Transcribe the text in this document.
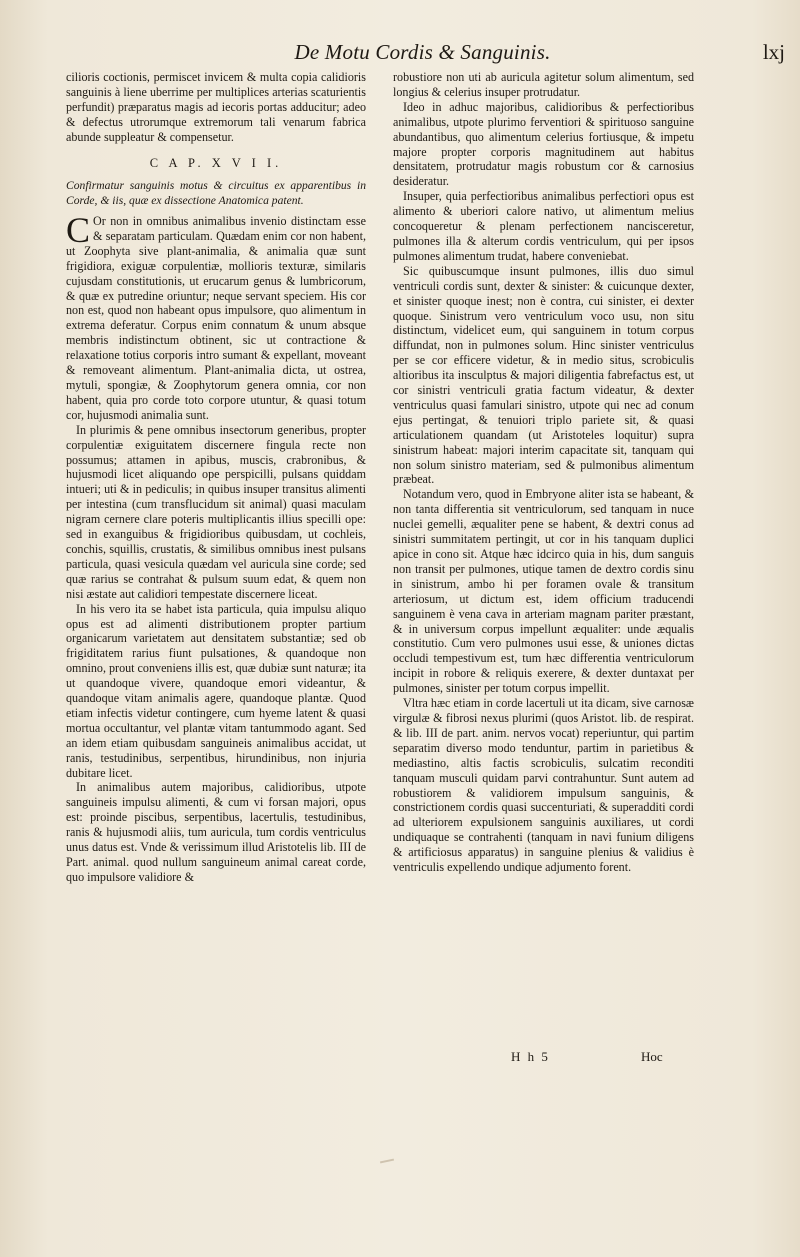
De Motu Cordis & Sanguinis.	lxj

cilioris coctionis, permiscet invicem & multa copia calidioris sanguinis à liene uberrime per multiplices arterias scaturientis perfundit) præparatus magis ad iecoris portas adducitur; adeo & defectus utrorumque extremorum tali venarum fabrica abunde suppleatur & compensetur.

C A P. X V I I.
Confirmatur sanguinis motus & circuitus ex apparentibus in Corde, & iis, quæ ex dissectione Anatomica patent.

C Or non in omnibus animalibus invenio distinctam esse & separatam particulam. Quædam enim cor non habent, ut Zoophyta sive plant-animalia, & animalia quæ sunt frigidiora, exiguæ corpulentiæ, mollioris texturæ, similaris cujusdam constitutionis, ut erucarum genus & lumbricorum, & quæ ex putredine oriuntur; neque servant speciem. His cor non est, quod non habeant opus impulsore, quo alimentum in extrema deferatur. Corpus enim connatum & unum absque membris indistinctum obtinent, sic ut contractione & relaxatione totius corporis intro sumant & expellant, moveant & removeant alimentum. Plant-animalia dicta, ut ostrea, mytuli, spongiæ, & Zoophytorum genera omnia, cor non habent, quia pro corde toto corpore utuntur, & quasi totum cor, hujusmodi animalia sunt.

In plurimis & pene omnibus insectorum generibus, propter corpulentiæ exiguitatem discernere fingula recte non possumus; attamen in apibus, muscis, crabronibus, & hujusmodi licet aliquando ope perspicilli, pulsans quiddam intueri; uti & in pediculis; in quibus insuper transitus alimenti per intestina (cum transflucidum sit animal) quasi maculam nigram cernere clare poteris multiplicantis illius specilli ope: sed in exanguibus & frigidioribus quibusdam, ut cochleis, conchis, squillis, crustatis, & similibus omnibus inest pulsans particula, quasi vesicula quædam vel auricula sine corde; sed quæ rarius se contrahat & pulsum suum edat, & quem non nisi æstate aut calidiori tempestate discernere liceat.

In his vero ita se habet ista particula, quia impulsu aliquo opus est ad alimenti distributionem propter partium organicarum varietatem aut densitatem substantiæ; sed ob frigiditatem rarius fiunt pulsationes, & quandoque non omnino, prout conveniens illis est, quæ dubiæ sunt naturæ; ita ut quandoque vivere, quandoque emori videantur, & quandoque vitam animalis agere, quandoque plantæ. Quod etiam infectis videtur contingere, cum hyeme latent & quasi mortua occultantur, vel plantæ vitam tantummodo agant. Sed an idem etiam quibusdam sanguineis animalibus accidat, ut ranis, testudinibus, serpentibus, hirundinibus, non injuria dubitare licet.

In animalibus autem majoribus, calidioribus, utpote sanguineis impulsu alimenti, & cum vi forsan majori, opus est: proinde piscibus, serpentibus, lacertulis, testudinibus, ranis & hujusmodi aliis, tum auricula, tum cordis ventriculus unus datus est. Vnde & verissimum illud Aristotelis lib. III de Part. animal. quod nullum sanguineum animal careat corde, quo impulsore validiore &

robustiore non uti ab auricula agitetur solum alimentum, sed longius & celerius insuper protrudatur.

Ideo in adhuc majoribus, calidioribus & perfectioribus animalibus, utpote plurimo ferventiori & spirituoso sanguine abundantibus, quo alimentum celerius fortiusque, & impetu majore propter corporis magnitudinem aut habitus densitatem, protrudatur magis robustum cor & carnosius desideratur.

Insuper, quia perfectioribus animalibus perfectiori opus est alimento & uberiori calore nativo, ut alimentum melius concoqueretur & plenam perfectionem nancisceretur, pulmones illa & alterum cordis ventriculum, qui per ipsos pulmones alimentum trudat, habere conveniebat.

Sic quibuscumque insunt pulmones, illis duo simul ventriculi cordis sunt, dexter & sinister: & cuicunque dexter, et sinister quoque inest; non è contra, cui sinister, ei dexter quoque. Sinistrum vero ventriculum voco usu, non situ distinctum, videlicet eum, qui sanguinem in totum corpus diffundat, non in pulmones solum. Hinc sinister ventriculus per se cor efficere videtur, & in medio situs, scrobiculis altioribus ita insculptus & majori diligentia fabrefactus est, ut cor sinistri ventriculi gratia factum videatur, & dexter ventriculus quasi famulari sinistro, utpote qui nec ad conum ejus pertingat, & tenuiori triplo pariete sit, & quasi articulationem quandam (ut Aristoteles loquitur) supra sinistrum habeat: majori interim capacitate sit, tanquam qui non solum sinistro materiam, sed & pulmonibus alimentum præbeat.

Notandum vero, quod in Embryone aliter ista se habeant, & non tanta differentia sit ventriculorum, sed tanquam in nuce nuclei gemelli, æqualiter pene se habent, & dextri conus ad sinistri summitatem pertingit, ut cor in his tanquam duplici apice in cono sit. Atque hæc idcirco quia in his, dum sanguis non transit per pulmones, utique tamen de dextro cordis sinu in sinistrum, ambo hi per foramen ovale & transitum arteriosum, ut dictum est, idem officium traducendi sanguinem è vena cava in arteriam magnam pariter præstant, & in universum corpus impellunt æqualiter: unde æqualis constitutio. Cum vero pulmones usui esse, & uniones dictas occludi tempestivum est, tum hæc differentia ventriculorum incipit in robore & reliquis exerere, & dexter duntaxat per pulmones, sinister per totum corpus impellit.

Vltra hæc etiam in corde lacertuli ut ita dicam, sive carnosæ virgulæ & fibrosi nexus plurimi (quos Aristot. lib. de respirat. & lib. III de part. anim. nervos vocat) reperiuntur, qui partim separatim diverso modo tenduntur, partim in parietibus & mediastino, altis factis scrobiculis, sulcatim reconditi tanquam musculi quidam parvi contrahuntur. Sunt autem ad robustiorem & validiorem impulsum sanguinis, & constrictionem cordis quasi succenturiati, & superadditi cordi ad ulteriorem expulsionem sanguinis auxiliares, ut cordi undiquaque se contrahenti (tanquam in navi funium diligens & artificiosus apparatus) in sanguine plenius & validius è ventriculis expellendo undique adjumento forent.

H h 5	Hoc
